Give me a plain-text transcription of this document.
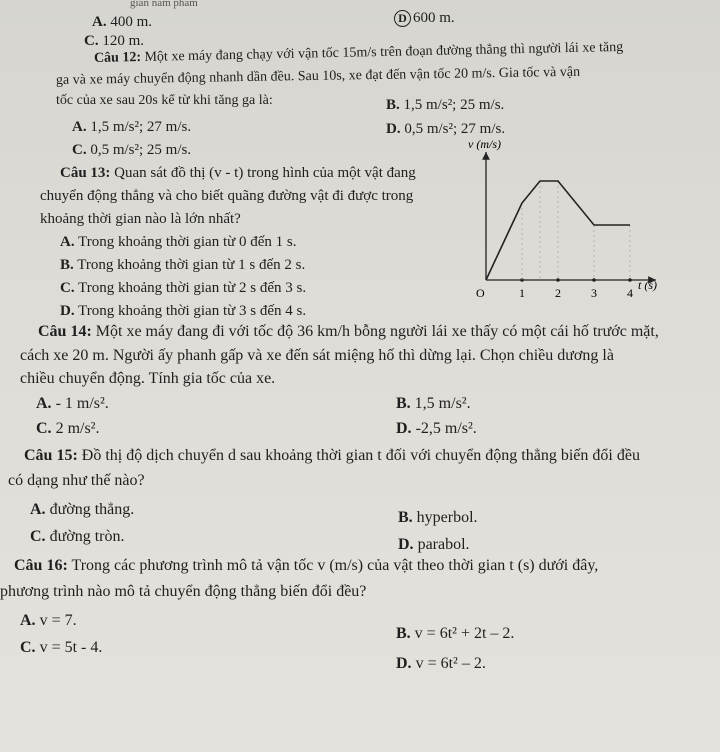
gian nam pham
A. 400 m.	D 600 m.
C. 120 m.
Câu 12: Một xe máy đang chạy với vận tốc 15m/s trên đoạn đường thẳng thì người lái xe tăng
ga và xe máy chuyển động nhanh dần đều. Sau 10s, xe đạt đến vận tốc 20 m/s. Gia tốc và vận
tốc của xe sau 20s kể từ khi tăng ga là:	B. 1,5 m/s²; 25 m/s.
A. 1,5 m/s²; 27 m/s.	D. 0,5 m/s²; 27 m/s.
C. 0,5 m/s²; 25 m/s.
Câu 13: Quan sát đồ thị (v - t) trong hình của một vật đang
chuyển động thẳng và cho biết quãng đường vật đi được trong
khoảng thời gian nào là lớn nhất?
A. Trong khoảng thời gian từ 0 đến 1 s.
B. Trong khoảng thời gian từ 1 s đến 2 s.
C. Trong khoảng thời gian từ 2 s đến 3 s.
D. Trong khoảng thời gian từ 3 s đến 4 s.
v (m/s)
t (s)
O	1	2	3	4
Câu 14: Một xe máy đang đi với tốc độ 36 km/h bỗng người lái xe thấy có một cái hố trước mặt,
cách xe 20 m. Người ấy phanh gấp và xe đến sát miệng hố thì dừng lại. Chọn chiều dương là
chiều chuyển động. Tính gia tốc của xe.
A. - 1 m/s².	B. 1,5 m/s².
C. 2 m/s².	D. -2,5 m/s².
Câu 15: Đồ thị độ dịch chuyển d sau khoảng thời gian t đối với chuyển động thẳng biến đổi đều
có dạng như thế nào?
A. đường thẳng.	B. hyperbol.
C. đường tròn.	D. parabol.
Câu 16: Trong các phương trình mô tả vận tốc v (m/s) của vật theo thời gian t (s) dưới đây,
phương trình nào mô tả chuyển động thẳng biến đổi đều?
A. v = 7.
B. v = 6t² + 2t – 2.
C. v = 5t - 4.
D. v = 6t² – 2.
